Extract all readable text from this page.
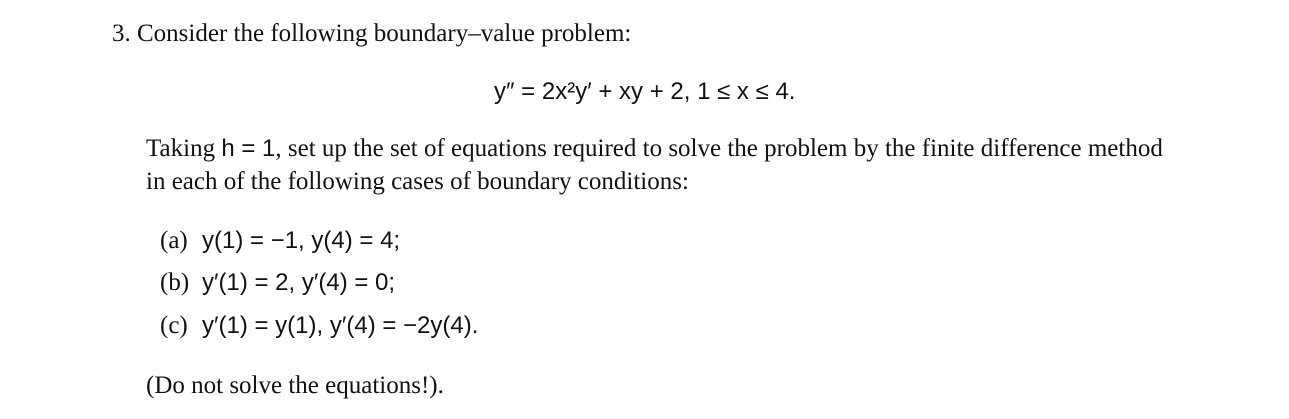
3. Consider the following boundary–value problem:
y″ = 2x²y′ + xy + 2, 1 ≤ x ≤ 4.
Taking h = 1, set up the set of equations required to solve the problem by the finite difference method
in each of the following cases of boundary conditions:
(a) y(1) = −1, y(4) = 4;
(b) y′(1) = 2, y′(4) = 0;
(c) y′(1) = y(1), y′(4) = −2y(4).
(Do not solve the equations!).
